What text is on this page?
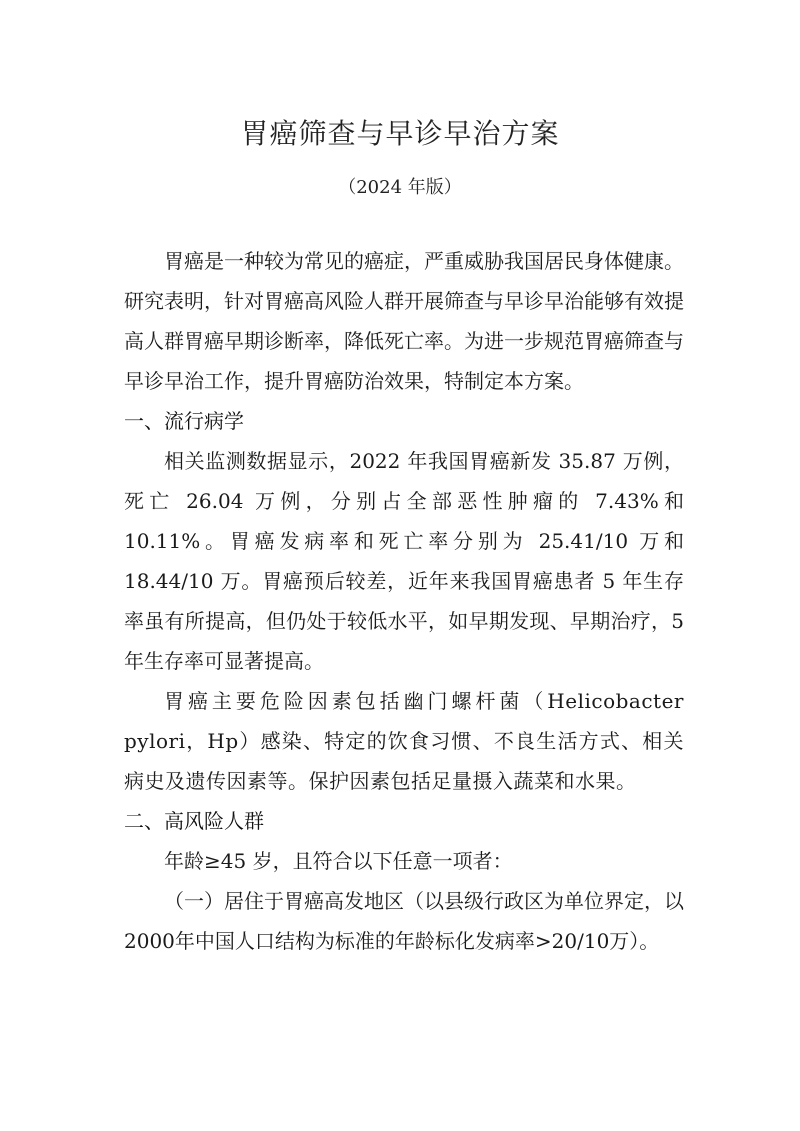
胃癌筛查与早诊早治方案
（2024 年版）

胃癌是一种较为常见的癌症，严重威胁我国居民身体健康。研究表明，针对胃癌高风险人群开展筛查与早诊早治能够有效提高人群胃癌早期诊断率，降低死亡率。为进一步规范胃癌筛查与早诊早治工作，提升胃癌防治效果，特制定本方案。

一、流行病学

相关监测数据显示，2022 年我国胃癌新发 35.87 万例，死亡 26.04 万例，分别占全部恶性肿瘤的 7.43%和 10.11%。胃癌发病率和死亡率分别为 25.41/10 万和 18.44/10 万。胃癌预后较差，近年来我国胃癌患者 5 年生存率虽有所提高，但仍处于较低水平，如早期发现、早期治疗，5 年生存率可显著提高。

胃癌主要危险因素包括幽门螺杆菌（Helicobacter pylori，Hp）感染、特定的饮食习惯、不良生活方式、相关病史及遗传因素等。保护因素包括足量摄入蔬菜和水果。

二、高风险人群

年龄≥45 岁，且符合以下任意一项者：

（一）居住于胃癌高发地区（以县级行政区为单位界定，以2000年中国人口结构为标准的年龄标化发病率>20/10万）。
